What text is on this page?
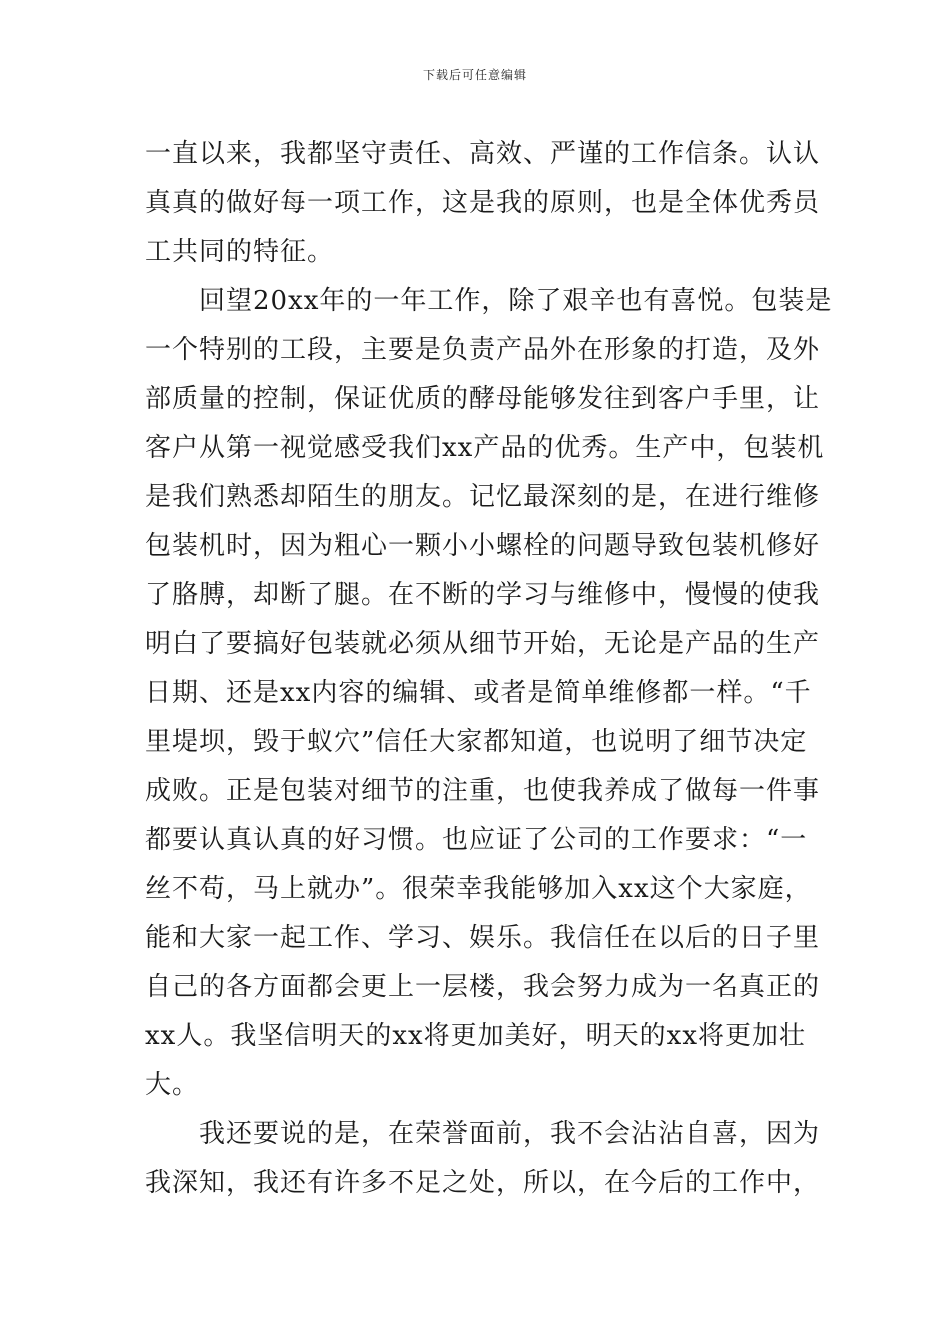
下载后可任意编辑
一直以来，我都坚守责任、高效、严谨的工作信条。认认
真真的做好每一项工作，这是我的原则，也是全体优秀员
工共同的特征。
　　回望20xx年的一年工作，除了艰辛也有喜悦。包装是
一个特别的工段，主要是负责产品外在形象的打造，及外
部质量的控制，保证优质的酵母能够发往到客户手里，让
客户从第一视觉感受我们xx产品的优秀。生产中，包装机
是我们熟悉却陌生的朋友。记忆最深刻的是，在进行维修
包装机时，因为粗心一颗小小螺栓的问题导致包装机修好
了胳膊，却断了腿。在不断的学习与维修中，慢慢的使我
明白了要搞好包装就必须从细节开始，无论是产品的生产
日期、还是xx内容的编辑、或者是简单维修都一样。“千
里堤坝，毁于蚁穴”信任大家都知道，也说明了细节决定
成败。正是包装对细节的注重，也使我养成了做每一件事
都要认真认真的好习惯。也应证了公司的工作要求：“一
丝不苟，马上就办”。很荣幸我能够加入xx这个大家庭，
能和大家一起工作、学习、娱乐。我信任在以后的日子里
自己的各方面都会更上一层楼，我会努力成为一名真正的
xx人。我坚信明天的xx将更加美好，明天的xx将更加壮
大。
　　我还要说的是，在荣誉面前，我不会沾沾自喜，因为
我深知，我还有许多不足之处，所以，在今后的工作中，
